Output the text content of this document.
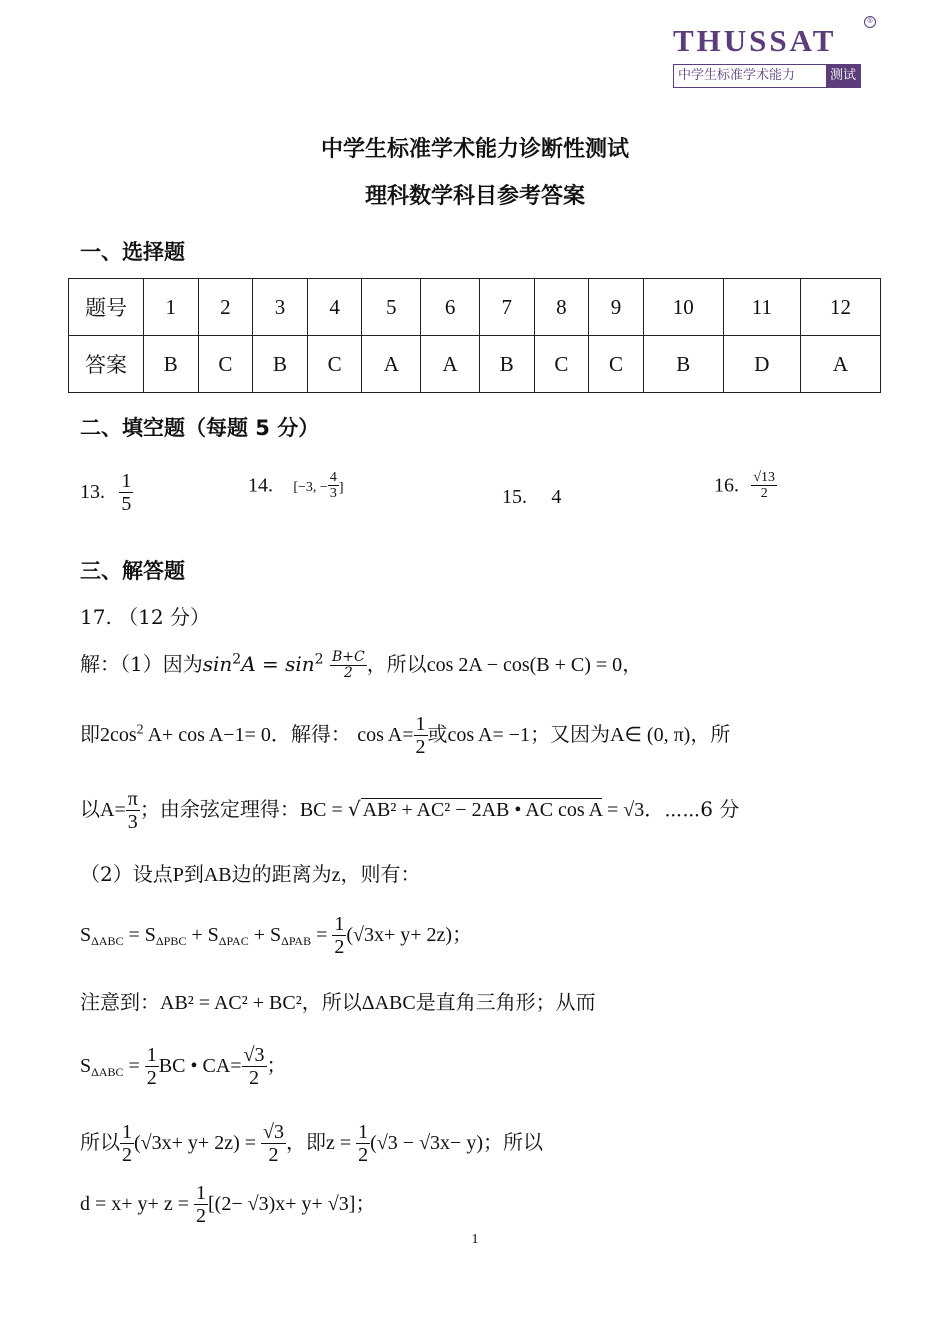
THUSSAT
®
中学生标准学术能力	测试
中学生标准学术能力诊断性测试
理科数学科目参考答案
一、选择题
题号	1	2	3	4	5	6	7	8	9	10	11	12
答案	B	C	B	C	A	A	B	C	C	B	D	A
二、填空题（每题 5 分）
13. $\frac{1}{5}$	14. [−3, − $\frac{4}{3}$ ]	15. 4
16. $\frac{√13}{2}$
三、解答题
17. （12 分）
解：（1）因为$\sin^2A = \sin^2 \frac{B+C}{2}$ ，所以cos 2A − cos(B + C) = 0，
即$2\cos^2$ A+ cos A−1= 0．解得： $\cos A= \frac{1}{2}$ 或cos A= −1；又因为A∈ (0, π)，所
以$A= \frac{\pi}{3}$ ；由余弦定理得：BC = √ AB² + AC² − 2AB • AC cos A = √3．⋯⋯6 分
（2）设点P到AB边的距离为z，则有：
$S_{\Delta ABC} = S_{\Delta PBC} + S_{\Delta PAC} + S_{\Delta PAB} = \frac{1}{2} (√3x+ y+ 2z)$；
注意到：AB² = AC² + BC²，所以ΔABC是直角三角形；从而
$S_{\Delta ABC} = \frac{1}{2}$ BC • $CA= \frac{√3}{2}$ ；
所以 $\frac{1}{2} (√3x+ y+ 2z) = \frac{√3}{2}$ ，即$z = \frac{1}{2} (√3 - √3x- y)$；所以
$d = x+ y+ z = \frac{1}{2} [(2- √3)x+ y+ √3]$；
1
